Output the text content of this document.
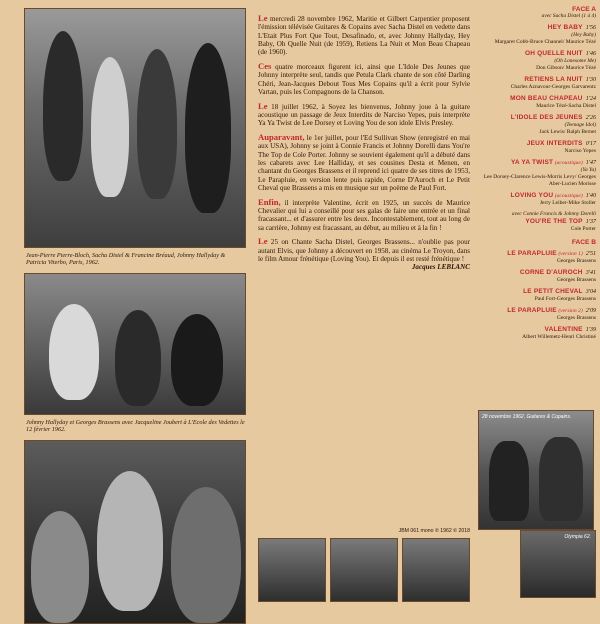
Jean-Pierre Pierre-Bloch, Sacha Distel & Francine Bréaud, Johnny Hallyday & Patricia Viterbo, Paris, 1962.
Johnny Hallyday et Georges Brassens avec Jacqueline Joubert à L'Ecole des Vedettes le 12 février 1962.

Le mercredi 28 novembre 1962, Maritie et Gilbert Carpentier proposent l'émission télévisée Guitares & Copains avec Sacha Distel en vedette dans L'Etait Plus Fort Que Tout, Desafinado, et, avec Johnny Hallyday, Hey Baby, Oh Quelle Nuit (de 1959), Retiens La Nuit et Mon Beau Chapeau (de 1960).

Ces quatre morceaux figurent ici, ainsi que L'Idole Des Jeunes que Johnny interprète seul, tandis que Petula Clark chante de son côté Darling Chéri, Jean-Jacques Debout Tous Mes Copains qu'il a écrit pour Sylvie Vartan, puis les Compagnons de la Chanson.

Le 18 juillet 1962, à Soyez les bienvenus, Johnny joue à la guitare acoustique un passage de Jeux Interdits de Narciso Yepes, puis interprète Ya Ya Twist de Lee Dorsey et Loving You de son idole Elvis Presley.

Auparavant, le 1er juillet, pour l'Ed Sullivan Show (enregistré en mai aux USA), Johnny se joint à Connie Francis et Johnny Dorelli dans You're The Top de Cole Porter. Johnny se souvient également qu'il a débuté dans les cabarets avec Lee Halliday, et ses cousines Desta et Menen, en chantant du Georges Brassens et il reprend ici quatre de ses titres de 1953, Le Parapluie, en version lente puis rapide, Corne D'Auroch et Le Petit Cheval que Brassens a mis en musique sur un poème de Paul Fort.

Enfin, il interprète Valentine, écrit en 1925, un succès de Maurice Chevalier qui lui a conseillé pour ses galas de faire une entrée et un final fracassant... et d'assurer entre les deux. Incontestablement, tout au long de sa carrière, Johnny est fracassant, au début, au milieu et à la fin !

Le 25 on Chante Sacha Distel, Georges Brassens... n'oublie pas pour autant Elvis, que Johnny a découvert en 1958, au cinéma Le Troyon, dans le film Amour frénétique (Loving You). Et depuis il est resté frénétique !
Jacques LEBLANC

JBM 061 mono ℗ 1962 ℗ 2018
FACE A
avec Sacha Distel (1 à 4)
HEY BABY 1'56
(Hey Baby)
Margaret Cobb-Bruce Channel/ Maurice Tézé
OH QUELLE NUIT 1'46
(Oh Lonesome Me)
Don Gibson/ Maurice Tézé
RETIENS LA NUIT 1'30
Charles Aznavour-Georges Garvarentz
MON BEAU CHAPEAU 1'24
Maurice Tézé-Sacha Distel
L'IDOLE DES JEUNES 2'26
(Teenage Idol)
Jack Lewis/ Ralph Bernet
JEUX INTERDITS 0'17
Narciso Yepes
YA YA TWIST (acoustique) 1'47
(Ya Ya)
Lee Dorsey-Clarence Lewis-Morris Levy/ Georges Aber-Lucien Morisse
LOVING YOU (acoustique) 1'40
Jerry Leiber-Mike Stoller
avec Connie Francis & Johnny Dorelli
YOU'RE THE TOP 1'37
Cole Porter
FACE B
LE PARAPLUIE (version 1) 2'51
Georges Brassens
CORNE D'AUROCH 3'41
Georges Brassens
LE PETIT CHEVAL 3'04
Paul Fort-Georges Brassens
LE PARAPLUIE (version 2) 2'09
Georges Brassens
VALENTINE 1'39
Albert Willemetz-Henri Christiné
28 novembre 1962, Guitares & Copains.
Olympia 62.
